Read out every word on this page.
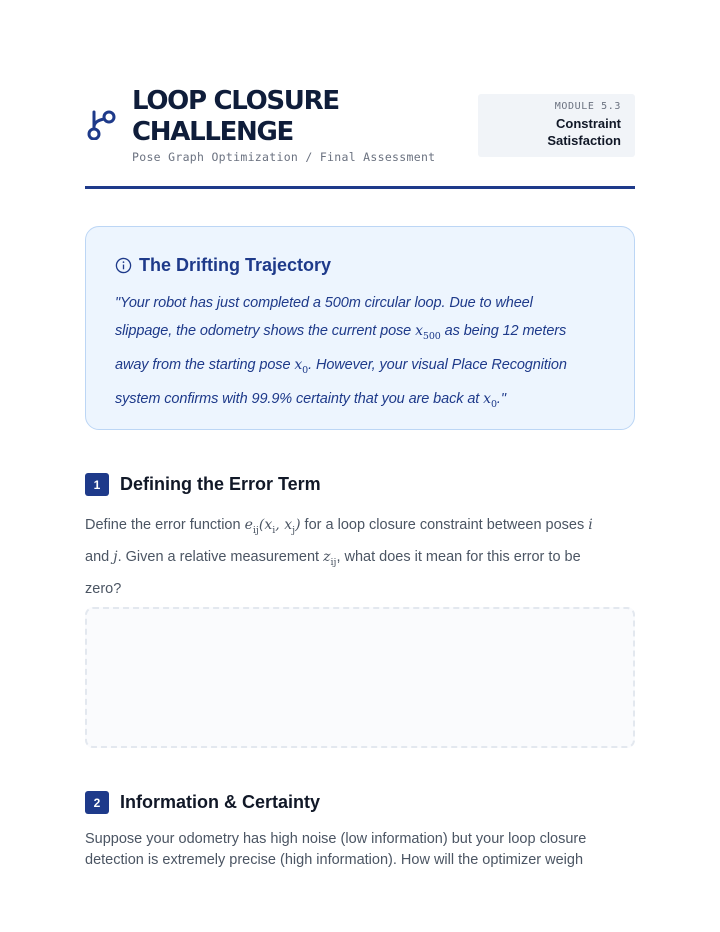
LOOP CLOSURE
CHALLENGE
Pose Graph Optimization / Final Assessment
MODULE 5.3
Constraint
Satisfaction
The Drifting Trajectory
"Your robot has just completed a 500m circular loop. Due to wheel
slippage, the odometry shows the current pose $x_{500}$ as being 12 meters
away from the starting pose $x_0$. However, your visual Place Recognition
system confirms with 99.9% certainty that you are back at $x_0$."
1	Defining the Error Term
Define the error function $e_{ij}(x_i$, $x_j$) for a loop closure constraint between poses i
and j. Given a relative measurement $z_{ij}$, what does it mean for this error to be
zero?
2	Information & Certainty
Suppose your odometry has high noise (low information) but your loop closure
detection is extremely precise (high information). How will the optimizer weigh
